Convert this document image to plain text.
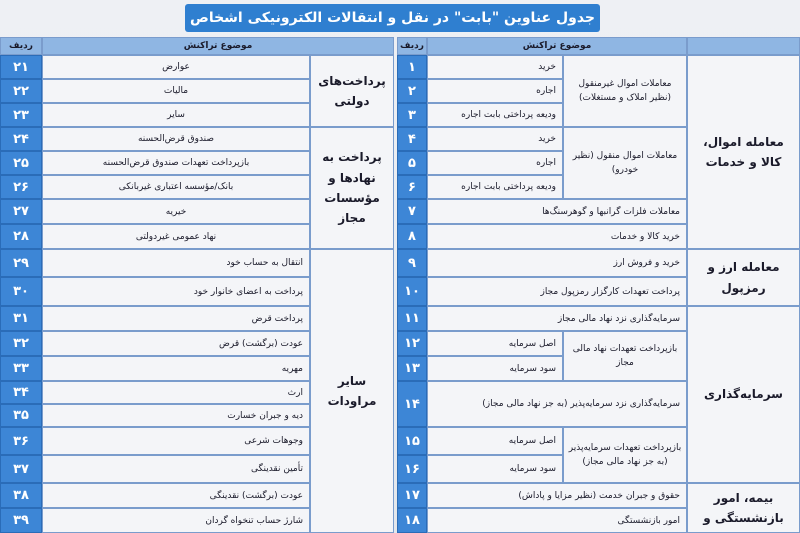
جدول عناوین "بابت" در نقل و انتقالات الکترونیکی اشخاص
ردیف	موضوع تراکنش
ردیف	موضوع تراکنش
معامله اموال، کالا و خدمات
معامله ارز و رمزپول
سرمایه‌گذاری
بیمه، امور بازنشستگی و
معاملات اموال غیرمنقول (نظیر املاک و مستغلات)
معاملات اموال منقول (نظیر خودرو)
بازپرداخت تعهدات نهاد مالی مجاز
بازپرداخت تعهدات سرمایه‌پذیر (به جز نهاد مالی مجاز)
خرید
اجاره
ودیعه پرداختی بابت اجاره
خرید
اجاره
ودیعه پرداختی بابت اجاره
معاملات فلزات گرانبها و گوهرسنگ‌ها
خرید کالا و خدمات
خرید و فروش ارز
پرداخت تعهدات کارگزار رمزپول مجاز
سرمایه‌گذاری نزد نهاد مالی مجاز
اصل سرمایه
سود سرمایه
سرمایه‌گذاری نزد سرمایه‌پذیر (به جز نهاد مالی مجاز)
اصل سرمایه
سود سرمایه
حقوق و جبران خدمت (نظیر مزایا و پاداش)
امور بازنشستگی
۱
۲
۳
۴
۵
۶
۷
۸
۹
۱۰
۱۱
۱۲
۱۳
۱۴
۱۵
۱۶
۱۷
۱۸
پرداخت‌های دولتی
پرداخت به نهادها و مؤسسات مجاز
سایر مراودات
عوارض
مالیات
سایر
صندوق قرض‌الحسنه
بازپرداخت تعهدات صندوق قرض‌الحسنه
بانک/مؤسسه اعتباری غیربانکی
خیریه
نهاد عمومی غیردولتی
انتقال به حساب خود
پرداخت به اعضای خانوار خود
پرداخت قرض
عودت (برگشت) قرض
مهریه
ارث
دیه و جبران خسارت
وجوهات شرعی
تأمین نقدینگی
عودت (برگشت) نقدینگی
شارژ حساب تنخواه گردان
۲۱
۲۲
۲۳
۲۴
۲۵
۲۶
۲۷
۲۸
۲۹
۳۰
۳۱
۳۲
۳۳
۳۴
۳۵
۳۶
۳۷
۳۸
۳۹
